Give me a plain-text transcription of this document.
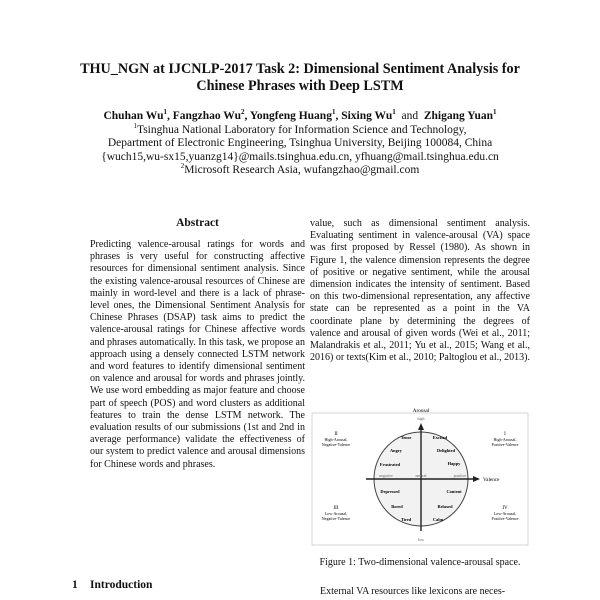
THU_NGN at IJCNLP-2017 Task 2: Dimensional Sentiment Analysis for
Chinese Phrases with Deep LSTM
Chuhan Wu$^1$, Fangzhao Wu$^2$, Yongfeng Huang$^1$, Sixing Wu$^1$ and Zhigang Yuan$^1$
$^1$Tsinghua National Laboratory for Information Science and Technology,
Department of Electronic Engineering, Tsinghua University, Beijing 100084, China
{wuch15,wu-sx15,yuanzg14}@mails.tsinghua.edu.cn, yfhuang@mail.tsinghua.edu.cn
$^2$Microsoft Research Asia, wufangzhao@gmail.com
Abstract
Predicting valence-arousal ratings for words and phrases is very useful for constructing affective resources for dimensional sentiment analysis. Since the existing valence-arousal resources of Chinese are mainly in word-level and there is a lack of phrase-level ones, the Dimensional Sentiment Analysis for Chinese Phrases (DSAP) task aims to predict the valence-arousal ratings for Chinese affective words and phrases automatically. In this task, we propose an approach using a densely connected LSTM network and word features to identify dimensional sentiment on valence and arousal for words and phrases jointly. We use word embedding as major feature and choose part of speech (POS) and word clusters as additional features to train the dense LSTM network. The evaluation results of our submissions (1st and 2nd in average performance) validate the effectiveness of our system to predict valence and arousal dimensions for Chinese words and phrases.
1 Introduction
value, such as dimensional sentiment analysis. Evaluating sentiment in valence-arousal (VA) space was first proposed by Ressel (1980). As shown in Figure 1, the valence dimension represents the degree of positive or negative sentiment, while the arousal dimension indicates the intensity of sentiment. Based on this two-dimensional representation, any affective state can be represented as a point in the VA coordinate plane by determining the degrees of valence and arousal of given words (Wei et al., 2011; Malandrakis et al., 2011; Yu et al., 2015; Wang et al., 2016) or texts(Kim et al., 2010; Paltoglou et al., 2013).
Arousal
high
low
Valence
negative	neutral	positive
I
High-Arousal,
Positive-Valence
II
High-Arousal,
Negative-Valence
III
Low-Arousal,
Negative-Valence
IV
Low-Arousal,
Positive-Valence
Tense	Excited
Angry	Delighted
Frustrated	Happy
Depressed	Content
Bored	Relaxed
Tired	Calm
Figure 1: Two-dimensional valence-arousal space.
External VA resources like lexicons are neces-
